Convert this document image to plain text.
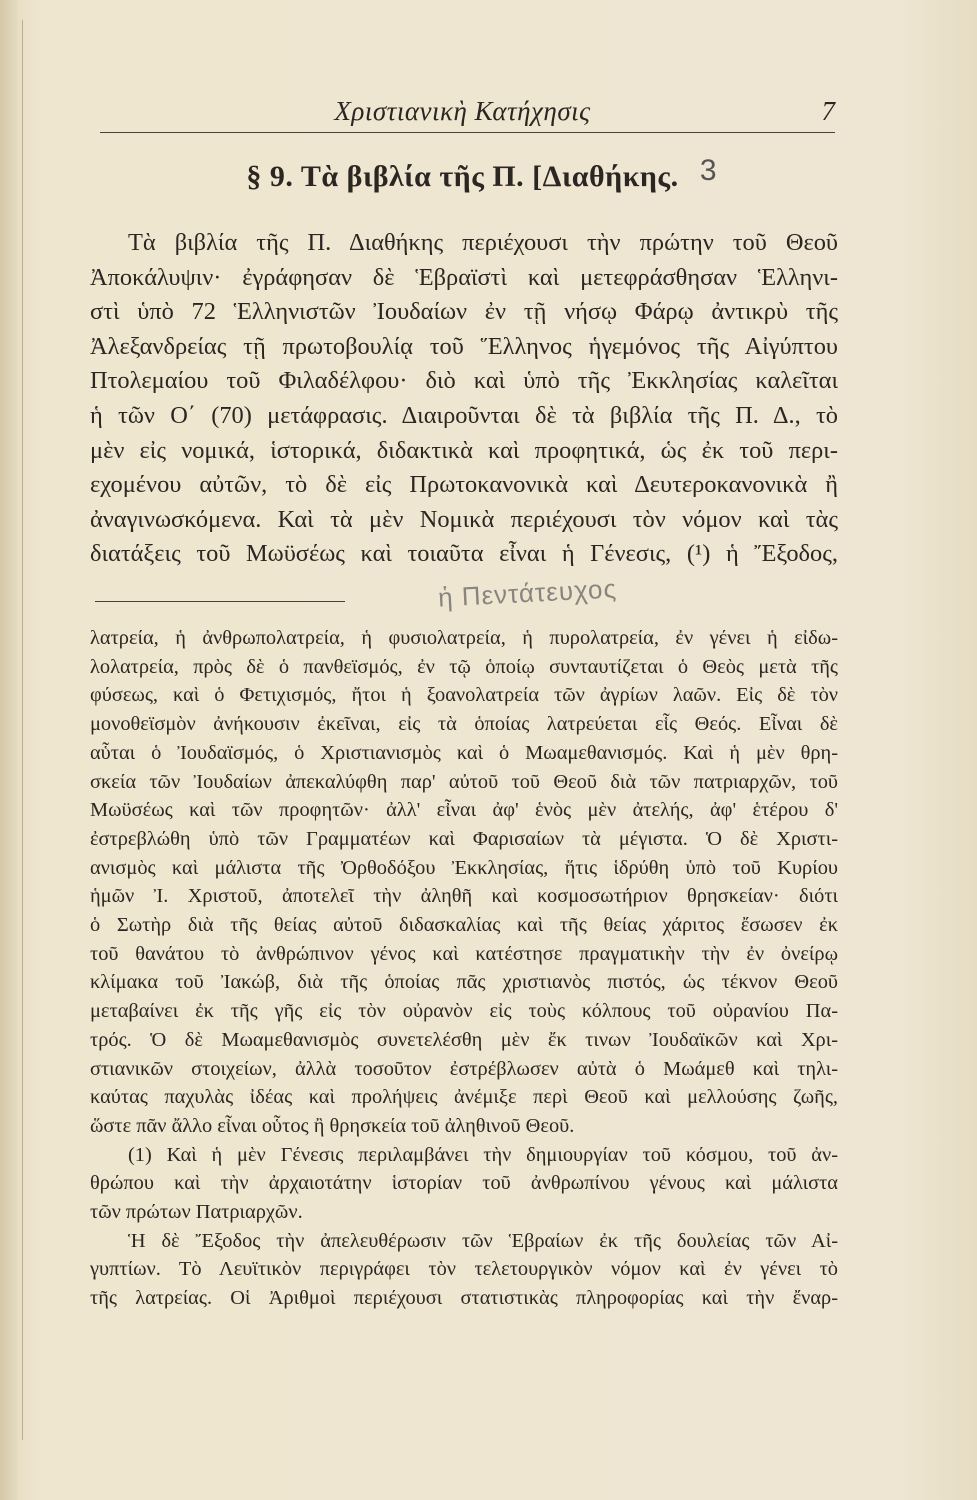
Χριστιανικὴ Κατήχησις	7
§ 9. Τὰ βιβλία τῆς Π. [Διαθήκης. 3
Τὰ βιβλία τῆς Π. Διαθήκης περιέχουσι τὴν πρώτην τοῦ Θεοῦ
Ἀποκάλυψιν· ἐγράφησαν δὲ Ἑβραϊστὶ καὶ μετεφράσθησαν Ἑλληνι-
στὶ ὑπὸ 72 Ἑλληνιστῶν Ἰουδαίων ἐν τῇ νήσῳ Φάρῳ ἀντικρὺ τῆς
Ἀλεξανδρείας τῇ πρωτοβουλίᾳ τοῦ Ἕλληνος ἡγεμόνος τῆς Αἰγύπτου
Πτολεμαίου τοῦ Φιλαδέλφου· διὸ καὶ ὑπὸ τῆς Ἐκκλησίας καλεῖται
ἡ τῶν Ο΄ (70) μετάφρασις. Διαιροῦνται δὲ τὰ βιβλία τῆς Π. Δ., τὸ
μὲν εἰς νομικά, ἱστορικά, διδακτικὰ καὶ προφητικά, ὡς ἐκ τοῦ περι-
εχομένου αὐτῶν, τὸ δὲ εἰς Πρωτοκανονικὰ καὶ Δευτεροκανονικὰ ἢ
ἀναγινωσκόμενα. Καὶ τὰ μὲν Νομικὰ περιέχουσι τὸν νόμον καὶ τὰς
διατάξεις τοῦ Μωϋσέως καὶ τοιαῦτα εἶναι ἡ Γένεσις, (¹) ἡ Ἔξοδος,
ἡ Πεντάτευχος
λατρεία, ἡ ἀνθρωπολατρεία, ἡ φυσιολατρεία, ἡ πυρολατρεία, ἐν γένει ἡ εἰδω-
λολατρεία, πρὸς δὲ ὁ πανθεϊσμός, ἐν τῷ ὁποίῳ συνταυτίζεται ὁ Θεὸς μετὰ τῆς
φύσεως, καὶ ὁ Φετιχισμός, ἤτοι ἡ ξοανολατρεία τῶν ἀγρίων λαῶν. Εἰς δὲ τὸν
μονοθεϊσμὸν ἀνήκουσιν ἐκεῖναι, εἰς τὰ ὁποίας λατρεύεται εἷς Θεός. Εἶναι δὲ
αὗται ὁ Ἰουδαϊσμός, ὁ Χριστιανισμὸς καὶ ὁ Μωαμεθανισμός. Καὶ ἡ μὲν θρη-
σκεία τῶν Ἰουδαίων ἀπεκαλύφθη παρ' αὐτοῦ τοῦ Θεοῦ διὰ τῶν πατριαρχῶν, τοῦ
Μωϋσέως καὶ τῶν προφητῶν· ἀλλ' εἶναι ἀφ' ἑνὸς μὲν ἀτελής, ἀφ' ἑτέρου δ'
ἐστρεβλώθη ὑπὸ τῶν Γραμματέων καὶ Φαρισαίων τὰ μέγιστα. Ὁ δὲ Χριστι-
ανισμὸς καὶ μάλιστα τῆς Ὀρθοδόξου Ἐκκλησίας, ἥτις ἱδρύθη ὑπὸ τοῦ Κυρίου
ἡμῶν Ἰ. Χριστοῦ, ἀποτελεῖ τὴν ἀληθῆ καὶ κοσμοσωτήριον θρησκείαν· διότι
ὁ Σωτὴρ διὰ τῆς θείας αὐτοῦ διδασκαλίας καὶ τῆς θείας χάριτος ἔσωσεν ἐκ
τοῦ θανάτου τὸ ἀνθρώπινον γένος καὶ κατέστησε πραγματικὴν τὴν ἐν ὀνείρῳ
κλίμακα τοῦ Ἰακώβ, διὰ τῆς ὁποίας πᾶς χριστιανὸς πιστός, ὡς τέκνον Θεοῦ
μεταβαίνει ἐκ τῆς γῆς εἰς τὸν οὐρανὸν εἰς τοὺς κόλπους τοῦ οὐρανίου Πα-
τρός. Ὁ δὲ Μωαμεθανισμὸς συνετελέσθη μὲν ἔκ τινων Ἰουδαϊκῶν καὶ Χρι-
στιανικῶν στοιχείων, ἀλλὰ τοσοῦτον ἐστρέβλωσεν αὐτὰ ὁ Μωάμεθ καὶ τηλι-
καύτας παχυλὰς ἰδέας καὶ προλήψεις ἀνέμιξε περὶ Θεοῦ καὶ μελλούσης ζωῆς,
ὥστε πᾶν ἄλλο εἶναι οὗτος ἢ θρησκεία τοῦ ἀληθινοῦ Θεοῦ.
(1) Καὶ ἡ μὲν Γένεσις περιλαμβάνει τὴν δημιουργίαν τοῦ κόσμου, τοῦ ἀν-
θρώπου καὶ τὴν ἀρχαιοτάτην ἱστορίαν τοῦ ἀνθρωπίνου γένους καὶ μάλιστα
τῶν πρώτων Πατριαρχῶν.
Ἡ δὲ Ἔξοδος τὴν ἀπελευθέρωσιν τῶν Ἑβραίων ἐκ τῆς δουλείας τῶν Αἰ-
γυπτίων. Τὸ Λευϊτικὸν περιγράφει τὸν τελετουργικὸν νόμον καὶ ἐν γένει τὸ
τῆς λατρείας. Οἱ Ἀριθμοὶ περιέχουσι στατιστικὰς πληροφορίας καὶ τὴν ἔναρ-
